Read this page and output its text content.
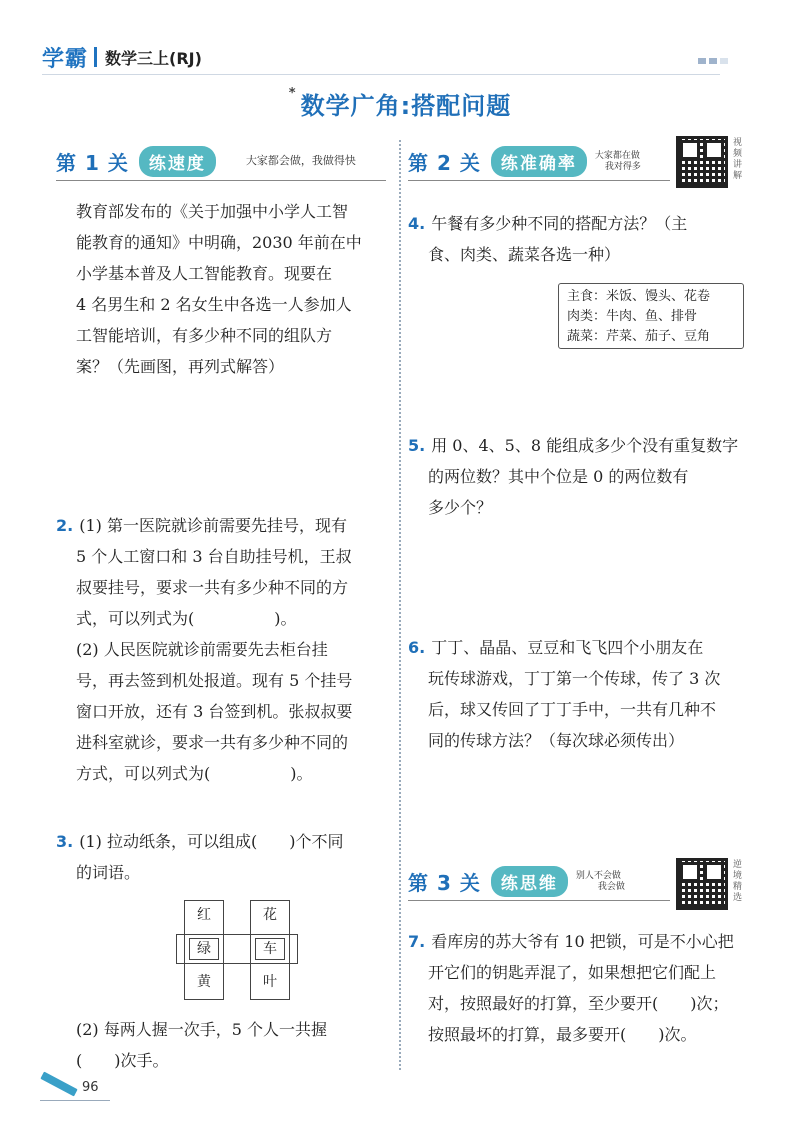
学霸 数学三上(RJ)
* 数学广角:搭配问题
第 1 关	练速度	大家都会做，我做得快
教育部发布的《关于加强中小学人工智
能教育的通知》中明确，2030 年前在中
小学基本普及人工智能教育。现要在
4 名男生和 2 名女生中各选一人参加人
工智能培训，有多少种不同的组队方
案？（先画图，再列式解答）
2. (1) 第一医院就诊前需要先挂号，现有
5 个人工窗口和 3 台自助挂号机，王叔
叔要挂号，要求一共有多少种不同的方
式，可以列式为(　　　　　)。
(2) 人民医院就诊前需要先去柜台挂
号，再去签到机处报道。现有 5 个挂号
窗口开放，还有 3 台签到机。张叔叔要
进科室就诊，要求一共有多少种不同的
方式，可以列式为(　　　　　)。
3. (1) 拉动纸条，可以组成(　　)个不同
的词语。
红	花
绿	车
黄	叶
(2) 每两人握一次手，5 个人一共握
(　　)次手。
第 2 关	练准确率	大家都在做
我对得多
视频讲解
4. 午餐有多少种不同的搭配方法？（主
食、肉类、蔬菜各选一种）
主食：米饭、馒头、花卷
肉类：牛肉、鱼、排骨
蔬菜：芹菜、茄子、豆角
5. 用 0、4、5、8 能组成多少个没有重复数字
的两位数？其中个位是 0 的两位数有
多少个？
6. 丁丁、晶晶、豆豆和飞飞四个小朋友在
玩传球游戏，丁丁第一个传球，传了 3 次
后，球又传回了丁丁手中，一共有几种不
同的传球方法？（每次球必须传出）
第 3 关	练思维	别人不会做
我会做
逆境精选
7. 看库房的苏大爷有 10 把锁，可是不小心把
开它们的钥匙弄混了，如果想把它们配上
对，按照最好的打算，至少要开(　　)次；
按照最坏的打算，最多要开(　　)次。
96
